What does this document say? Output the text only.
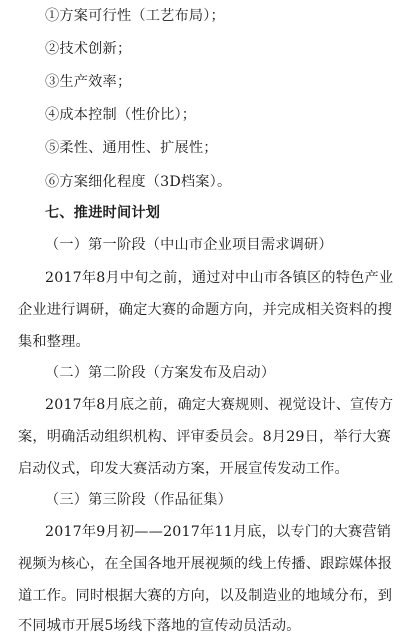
①方案可行性（工艺布局）；
②技术创新；
③生产效率；
④成本控制（性价比）；
⑤柔性、通用性、扩展性；
⑥方案细化程度（3D档案）。
七、推进时间计划
（一）第一阶段（中山市企业项目需求调研）
2017年8月中旬之前，通过对中山市各镇区的特色产业
企业进行调研，确定大赛的命题方向，并完成相关资料的搜
集和整理。
（二）第二阶段（方案发布及启动）
2017年8月底之前，确定大赛规则、视觉设计、宣传方
案，明确活动组织机构、评审委员会。8月29日，举行大赛
启动仪式，印发大赛活动方案，开展宣传发动工作。
（三）第三阶段（作品征集）
2017年9月初——2017年11月底，以专门的大赛营销
视频为核心，在全国各地开展视频的线上传播、跟踪媒体报
道工作。同时根据大赛的方向，以及制造业的地域分布，到
不同城市开展5场线下落地的宣传动员活动。
